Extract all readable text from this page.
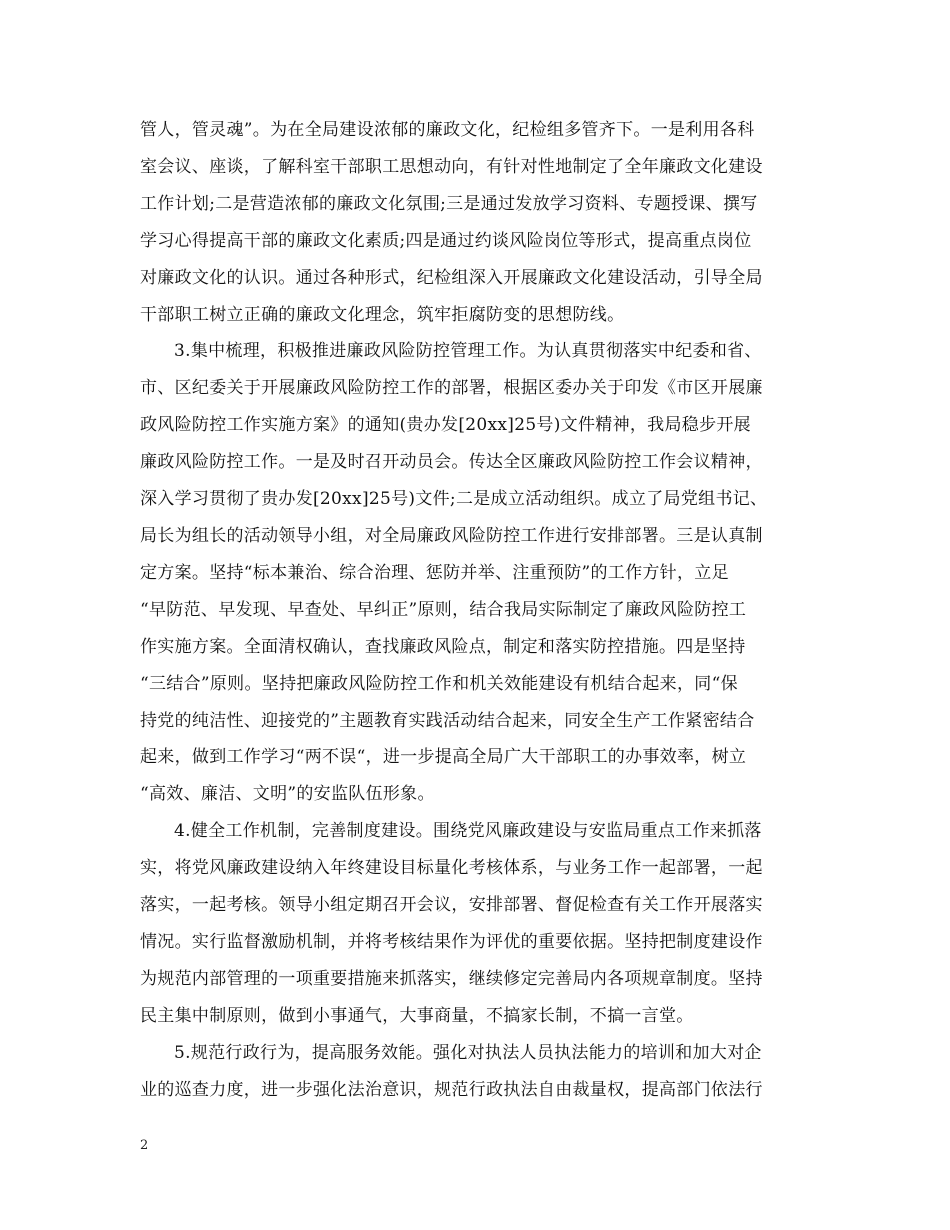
管人，管灵魂”。为在全局建设浓郁的廉政文化，纪检组多管齐下。一是利用各科
室会议、座谈，了解科室干部职工思想动向，有针对性地制定了全年廉政文化建设
工作计划;二是营造浓郁的廉政文化氛围;三是通过发放学习资料、专题授课、撰写
学习心得提高干部的廉政文化素质;四是通过约谈风险岗位等形式，提高重点岗位
对廉政文化的认识。通过各种形式，纪检组深入开展廉政文化建设活动，引导全局
干部职工树立正确的廉政文化理念，筑牢拒腐防变的思想防线。
3.集中梳理，积极推进廉政风险防控管理工作。为认真贯彻落实中纪委和省、
市、区纪委关于开展廉政风险防控工作的部署，根据区委办关于印发《市区开展廉
政风险防控工作实施方案》的通知(贵办发[20xx]25号)文件精神，我局稳步开展
廉政风险防控工作。一是及时召开动员会。传达全区廉政风险防控工作会议精神，
深入学习贯彻了贵办发[20xx]25号)文件;二是成立活动组织。成立了局党组书记、
局长为组长的活动领导小组，对全局廉政风险防控工作进行安排部署。三是认真制
定方案。坚持“标本兼治、综合治理、惩防并举、注重预防”的工作方针，立足
“早防范、早发现、早查处、早纠正”原则，结合我局实际制定了廉政风险防控工
作实施方案。全面清权确认，查找廉政风险点，制定和落实防控措施。四是坚持
“三结合”原则。坚持把廉政风险防控工作和机关效能建设有机结合起来，同“保
持党的纯洁性、迎接党的”主题教育实践活动结合起来，同安全生产工作紧密结合
起来，做到工作学习“两不误“，进一步提高全局广大干部职工的办事效率，树立
“高效、廉洁、文明”的安监队伍形象。
4.健全工作机制，完善制度建设。围绕党风廉政建设与安监局重点工作来抓落
实，将党风廉政建设纳入年终建设目标量化考核体系，与业务工作一起部署，一起
落实，一起考核。领导小组定期召开会议，安排部署、督促检查有关工作开展落实
情况。实行监督激励机制，并将考核结果作为评优的重要依据。坚持把制度建设作
为规范内部管理的一项重要措施来抓落实，继续修定完善局内各项规章制度。坚持
民主集中制原则，做到小事通气，大事商量，不搞家长制，不搞一言堂。
5.规范行政行为，提高服务效能。强化对执法人员执法能力的培训和加大对企
业的巡查力度，进一步强化法治意识，规范行政执法自由裁量权，提高部门依法行
2
